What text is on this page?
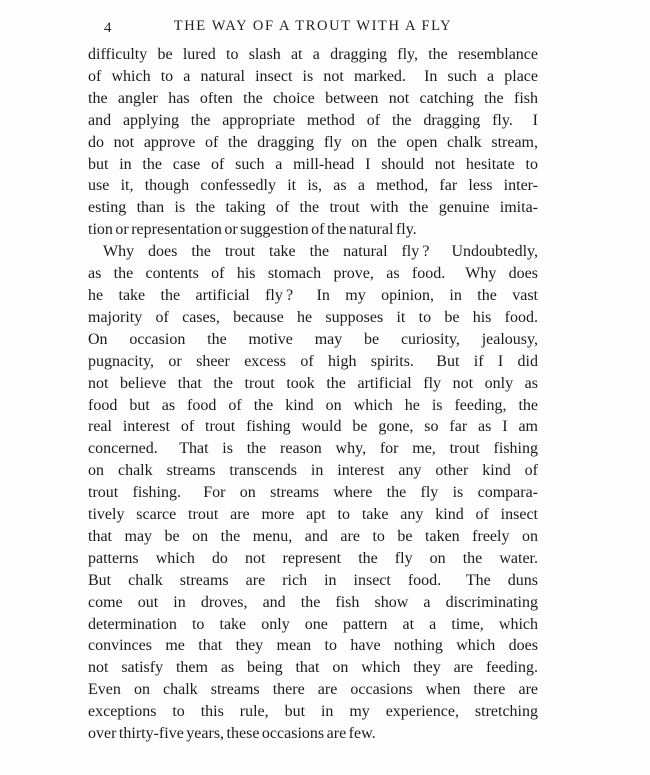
4	THE WAY OF A TROUT WITH A FLY
difficulty be lured to slash at a dragging fly, the resemblance
of which to a natural insect is not marked.  In such a place
the angler has often the choice between not catching the fish
and applying the appropriate method of the dragging fly.  I
do not approve of the dragging fly on the open chalk stream,
but in the case of such a mill-head I should not hesitate to
use it, though confessedly it is, as a method, far less inter-
esting than is the taking of the trout with the genuine imita-
tion or representation or suggestion of the natural fly.
Why does the trout take the natural fly ?  Undoubtedly,
as the contents of his stomach prove, as food.  Why does
he take the artificial fly ?  In my opinion, in the vast
majority of cases, because he supposes it to be his food.
On occasion the motive may be curiosity, jealousy,
pugnacity, or sheer excess of high spirits.  But if I did
not believe that the trout took the artificial fly not only as
food but as food of the kind on which he is feeding, the
real interest of trout fishing would be gone, so far as I am
concerned.  That is the reason why, for me, trout fishing
on chalk streams transcends in interest any other kind of
trout fishing.  For on streams where the fly is compara-
tively scarce trout are more apt to take any kind of insect
that may be on the menu, and are to be taken freely on
patterns which do not represent the fly on the water.
But chalk streams are rich in insect food.  The duns
come out in droves, and the fish show a discriminating
determination to take only one pattern at a time, which
convinces me that they mean to have nothing which does
not satisfy them as being that on which they are feeding.
Even on chalk streams there are occasions when there are
exceptions to this rule, but in my experience, stretching
over thirty-five years, these occasions are few.
